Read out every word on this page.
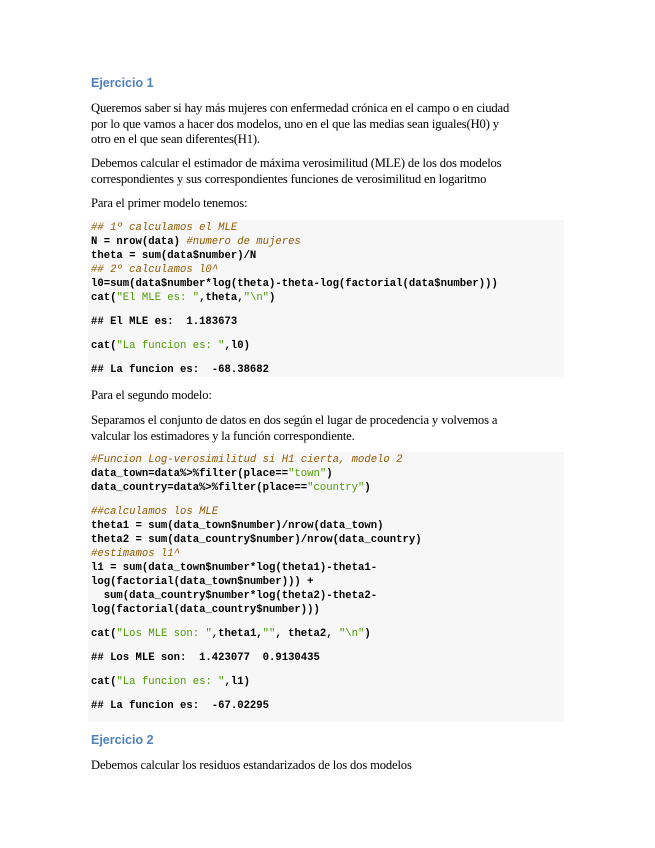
Ejercicio 1
Queremos saber si hay más mujeres con enfermedad crónica en el campo o en ciudad
por lo que vamos a hacer dos modelos, uno en el que las medias sean iguales(H0) y
otro en el que sean diferentes(H1).
Debemos calcular el estimador de máxima verosimilitud (MLE) de los dos modelos
correspondientes y sus correspondientes funciones de verosimilitud en logaritmo
Para el primer modelo tenemos:
## 1º calculamos el MLE
N = nrow(data) #numero de mujeres
theta = sum(data$number)/N
## 2º calculamos l0^
l0=sum(data$number*log(theta)-theta-log(factorial(data$number)))
cat("El MLE es: ",theta,"\n")
## El MLE es:  1.183673
cat("La funcion es: ",l0)
## La funcion es:  -68.38682
Para el segundo modelo:
Separamos el conjunto de datos en dos según el lugar de procedencia y volvemos a
valcular los estimadores y la función correspondiente.
#Funcion Log-verosimilitud si H1 cierta, modelo 2
data_town=data%>%filter(place=="town")
data_country=data%>%filter(place=="country")
##calculamos los MLE
theta1 = sum(data_town$number)/nrow(data_town)
theta2 = sum(data_country$number)/nrow(data_country)
#estimamos l1^
l1 = sum(data_town$number*log(theta1)-theta1-
log(factorial(data_town$number))) +
sum(data_country$number*log(theta2)-theta2-
log(factorial(data_country$number)))
cat("Los MLE son: ",theta1,"", theta2, "\n")
## Los MLE son:  1.423077  0.9130435
cat("La funcion es: ",l1)
## La funcion es:  -67.02295
Ejercicio 2
Debemos calcular los residuos estandarizados de los dos modelos
